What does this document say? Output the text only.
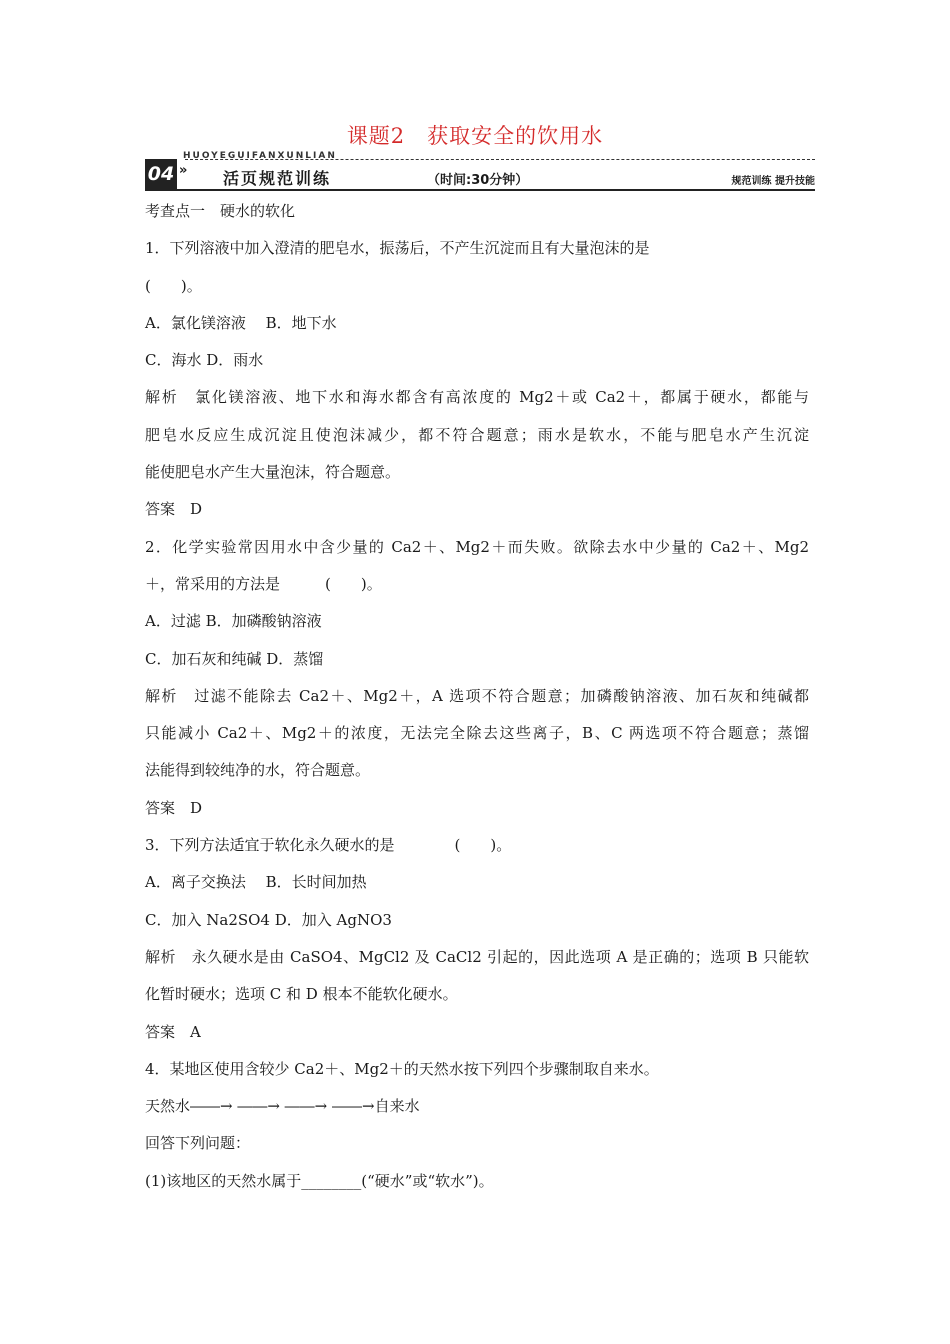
课题2　获取安全的饮用水
HUOYEGUIFANXUNLIAN
04 » 活页规范训练	（时间:30分钟）	规范训练 提升技能
考查点一　硬水的软化
1．下列溶液中加入澄清的肥皂水，振荡后，不产生沉淀而且有大量泡沫的是
(　　)。
A．氯化镁溶液　 B．地下水
C．海水 D．雨水
解析　氯化镁溶液、地下水和海水都含有高浓度的 Mg2＋或 Ca2＋，都属于硬水，都能与
肥皂水反应生成沉淀且使泡沫减少，都不符合题意；雨水是软水，不能与肥皂水产生沉淀
能使肥皂水产生大量泡沫，符合题意。
答案　D
2．化学实验常因用水中含少量的 Ca2＋、Mg2＋而失败。欲除去水中少量的 Ca2＋、Mg2
＋，常采用的方法是　　　(　　)。
A．过滤 B．加磷酸钠溶液
C．加石灰和纯碱 D．蒸馏
解析　过滤不能除去 Ca2＋、Mg2＋，A 选项不符合题意；加磷酸钠溶液、加石灰和纯碱都
只能减小 Ca2＋、Mg2＋的浓度，无法完全除去这些离子，B、C 两选项不符合题意；蒸馏
法能得到较纯净的水，符合题意。
答案　D
3．下列方法适宜于软化永久硬水的是　　　　(　　)。
A．离子交换法　 B．长时间加热
C．加入 Na2SO4 D．加入 AgNO3
解析　永久硬水是由 CaSO4、MgCl2 及 CaCl2 引起的，因此选项 A 是正确的；选项 B 只能软
化暂时硬水；选项 C 和 D 根本不能软化硬水。
答案　A
4．某地区使用含较少 Ca2＋、Mg2＋的天然水按下列四个步骤制取自来水。
天然水――→ ――→ ――→ ――→自来水
回答下列问题：
(1)该地区的天然水属于________(“硬水”或“软水”)。
